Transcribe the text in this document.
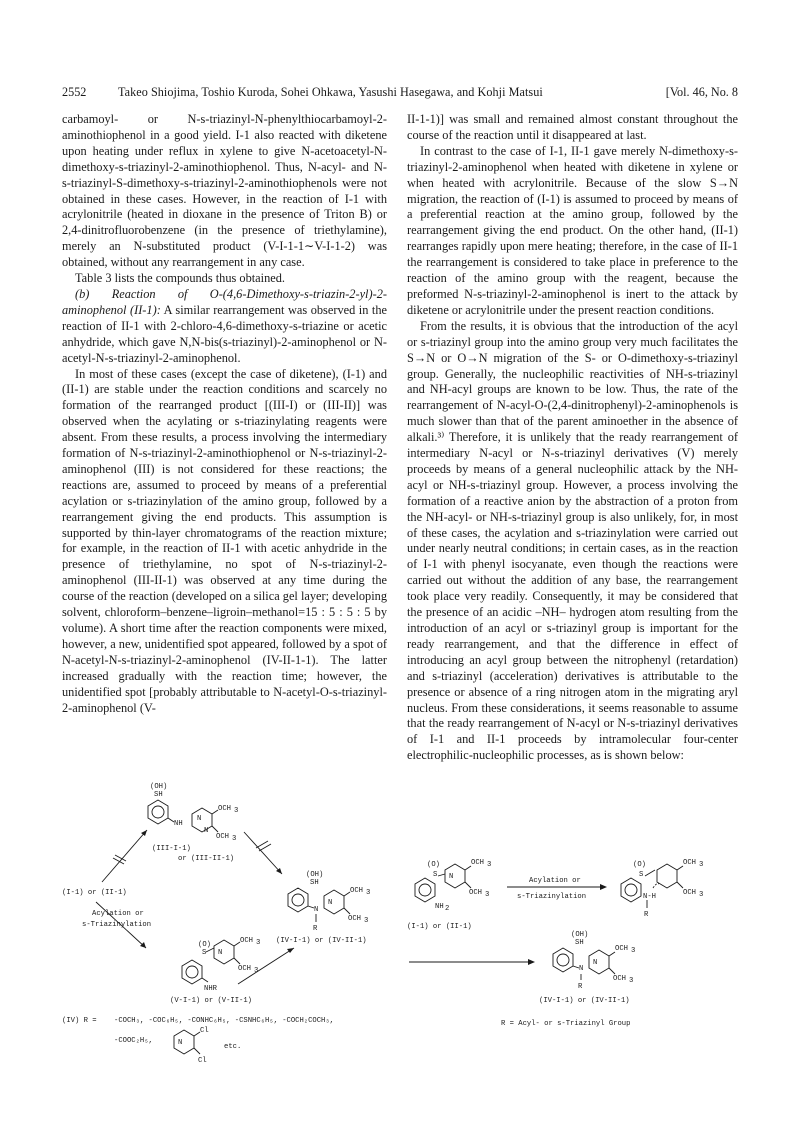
2552	Takeo Shiojima, Toshio Kuroda, Sohei Ohkawa, Yasushi Hasegawa, and Kohji Matsui	[Vol. 46, No. 8

carbamoyl- or N-s-triazinyl-N-phenylthiocarbamoyl-2-aminothiophenol in a good yield. I-1 also reacted with diketene upon heating under reflux in xylene to give N-acetoacetyl-N-dimethoxy-s-triazinyl-2-aminothiophenol. Thus, N-acyl- and N-s-triazinyl-S-dimethoxy-s-triazinyl-2-aminothiophenols were not obtained in these cases. However, in the reaction of I-1 with acrylonitrile (heated in dioxane in the presence of Triton B) or 2,4-dinitrofluorobenzene (in the presence of triethylamine), merely an N-substituted product (V-I-1-1∼V-I-1-2) was obtained, without any rearrangement in any case.

Table 3 lists the compounds thus obtained.

(b) Reaction of O-(4,6-Dimethoxy-s-triazin-2-yl)-2-aminophenol (II-1): A similar rearrangement was observed in the reaction of II-1 with 2-chloro-4,6-dimethoxy-s-triazine or acetic anhydride, which gave N,N-bis(s-triazinyl)-2-aminophenol or N-acetyl-N-s-triazinyl-2-aminophenol.

In most of these cases (except the case of diketene), (I-1) and (II-1) are stable under the reaction conditions and scarcely no formation of the rearranged product [(III-I) or (III-II)] was observed when the acylating or s-triazinylating reagents were absent. From these results, a process involving the intermediary formation of N-s-triazinyl-2-aminothiophenol or N-s-triazinyl-2-aminophenol (III) is not considered for these reactions; the reactions are, assumed to proceed by means of a preferential acylation or s-triazinylation of the amino group, followed by a rearrangement giving the end products. This assumption is supported by thin-layer chromatograms of the reaction mixture; for example, in the reaction of II-1 with acetic anhydride in the presence of triethylamine, no spot of N-s-triazinyl-2-aminophenol (III-II-1) was observed at any time during the course of the reaction (developed on a silica gel layer; developing solvent, chloroform–benzene–ligroin–methanol=15 : 5 : 5 : 5 by volume). A short time after the reaction components were mixed, however, a new, unidentified spot appeared, followed by a spot of N-acetyl-N-s-triazinyl-2-aminophenol (IV-II-1-1). The latter increased gradually with the reaction time; however, the unidentified spot [probably attributable to N-acetyl-O-s-triazinyl-2-aminophenol (V-

II-1-1)] was small and remained almost constant throughout the course of the reaction until it disappeared at last.

In contrast to the case of I-1, II-1 gave merely N-dimethoxy-s-triazinyl-2-aminophenol when heated with diketene in xylene or when heated with acrylonitrile. Because of the slow S→N migration, the reaction of (I-1) is assumed to proceed by means of a preferential reaction at the amino group, followed by the rearrangement giving the end product. On the other hand, (II-1) rearranges rapidly upon mere heating; therefore, in the case of II-1 the rearrangement is considered to take place in preference to the reaction of the amino group with the reagent, because the preformed N-s-triazinyl-2-aminophenol is inert to the attack by diketene or acrylonitrile under the present reaction conditions.

From the results, it is obvious that the introduction of the acyl or s-triazinyl group into the amino group very much facilitates the S→N or O→N migration of the S- or O-dimethoxy-s-triazinyl group. Generally, the nucleophilic reactivities of NH-s-triazinyl and NH-acyl groups are known to be low. Thus, the rate of the rearrangement of N-acyl-O-(2,4-dinitrophenyl)-2-aminophenols is much slower than that of the parent aminoether in the absence of alkali.³⁾ Therefore, it is unlikely that the ready rearrangement of intermediary N-acyl or N-s-triazinyl derivatives (V) merely proceeds by means of a general nucleophilic attack by the NH-acyl or NH-s-triazinyl group. However, a process involving the formation of a reactive anion by the abstraction of a proton from the NH-acyl- or NH-s-triazinyl group is also unlikely, for, in most of these cases, the acylation and s-triazinylation were carried out under nearly neutral conditions; in certain cases, as in the reaction of I-1 with phenyl isocyanate, even though the reactions were carried out without the addition of any base, the rearrangement took place very readily. Consequently, it may be considered that the presence of an acidic –NH– hydrogen atom resulting from the introduction of an acyl or s-triazinyl group is important for the ready rearrangement, and that the difference in effect of introducing an acyl group between the nitrophenyl (retardation) and s-triazinyl (acceleration) derivatives is attributable to the presence or absence of a ring nitrogen atom in the migrating aryl nucleus. From these considerations, it seems reasonable to assume that the ready rearrangement of N-acyl or N-s-triazinyl derivatives of I-1 and II-1 proceeds by intramolecular four-center electrophilic-nucleophilic processes, as is shown below:

(OH)
SH
NH
N
N
OCH 3
OCH 3
(III-I-1)
or (III-II-1)
(I-1) or (II-1)
Acylation or
s-Triazinylation
(OH)
SH
N
R
N
OCH 3
OCH 3
(IV-I-1) or (IV-II-1)
(O)
S N
OCH 3
OCH 3
NHR
(V-I-1) or (V-II-1)
(IV) R = -COCH₃, -COC₆H₅, -CONHC₆H₅, -CSNHC₆H₅, -COCH₂COCH₃,
-COOC₂H₅,	N
Cl
Cl
etc.
(O)
S N
OCH 3
OCH 3
NH 2
(I-1) or (II-1)
Acylation or
s-Triazinylation
(O)
S
OCH 3
OCH 3
N-H
R
(OH)
SH
N
R
N
OCH 3
OCH 3
(IV-I-1) or (IV-II-1)
R = Acyl- or s-Triazinyl Group
